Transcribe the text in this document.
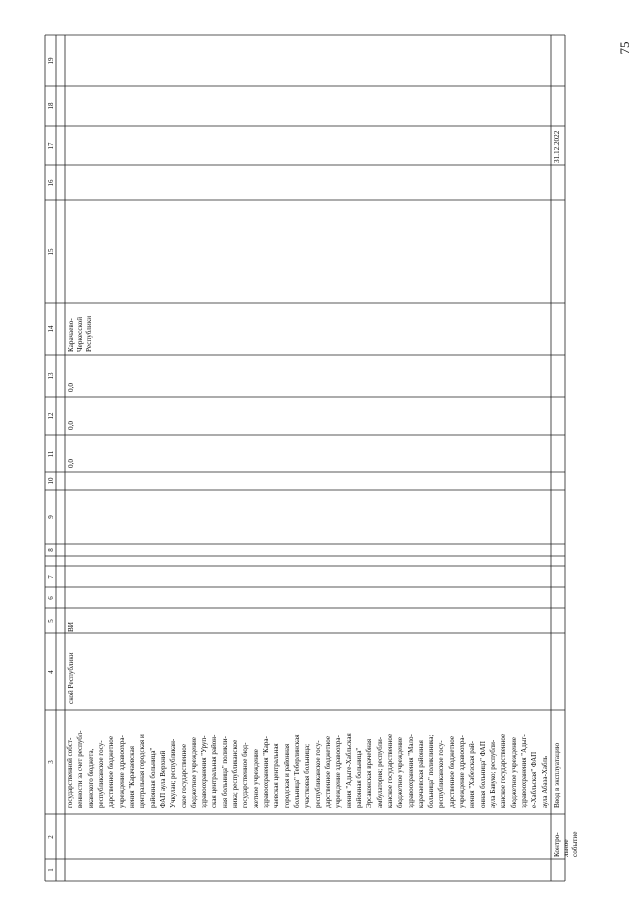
75
1
2
3
4
5
6
7
8
9
10
11
12
13
14
15
16
17
18
19
государственной собст- венности за счет республ- иканского бюджета, республиканское госу- дарственное бюджетное учреждение здравоохра- нения "Карачаевская центральная городская и районная больница" ФАП аула Верхний Учкулан; республикан- ское государственное бюджетное учреждение здравоохранения "Уруп- ская центральная район- ная больница" поликли- ника; республиканское государственное бюд- жетное учреждение здравоохранения "Кара- чаевская центральная городская и районная больница" Теберлинская участковая больница; республиканское госу- дарственное бюджетное учреждение здравоохра- нения "Адыге-Хабльская районная больница" Эрсаконская врачебная амбулатория; республи- канское государственное бюджетное учреждение здравоохранения "Мало- карачаевская районная больница" поликлиника; республиканское госу- дарственное бюджетное учреждение здравоохра- нения "Хабезская рай- онная больница" ФАП аула Бавуко; республи- канское государственное бюджетное учреждение здравоохранения "Адыг- е-Хабльская" ФАП аула Абаза-Хабль
ской Республики
ВИ
0,0
0,0
0,0
Карачаево- Черкесской Республики
Контро- льное событие
Ввод в эксплуатацию
31.12.2022
